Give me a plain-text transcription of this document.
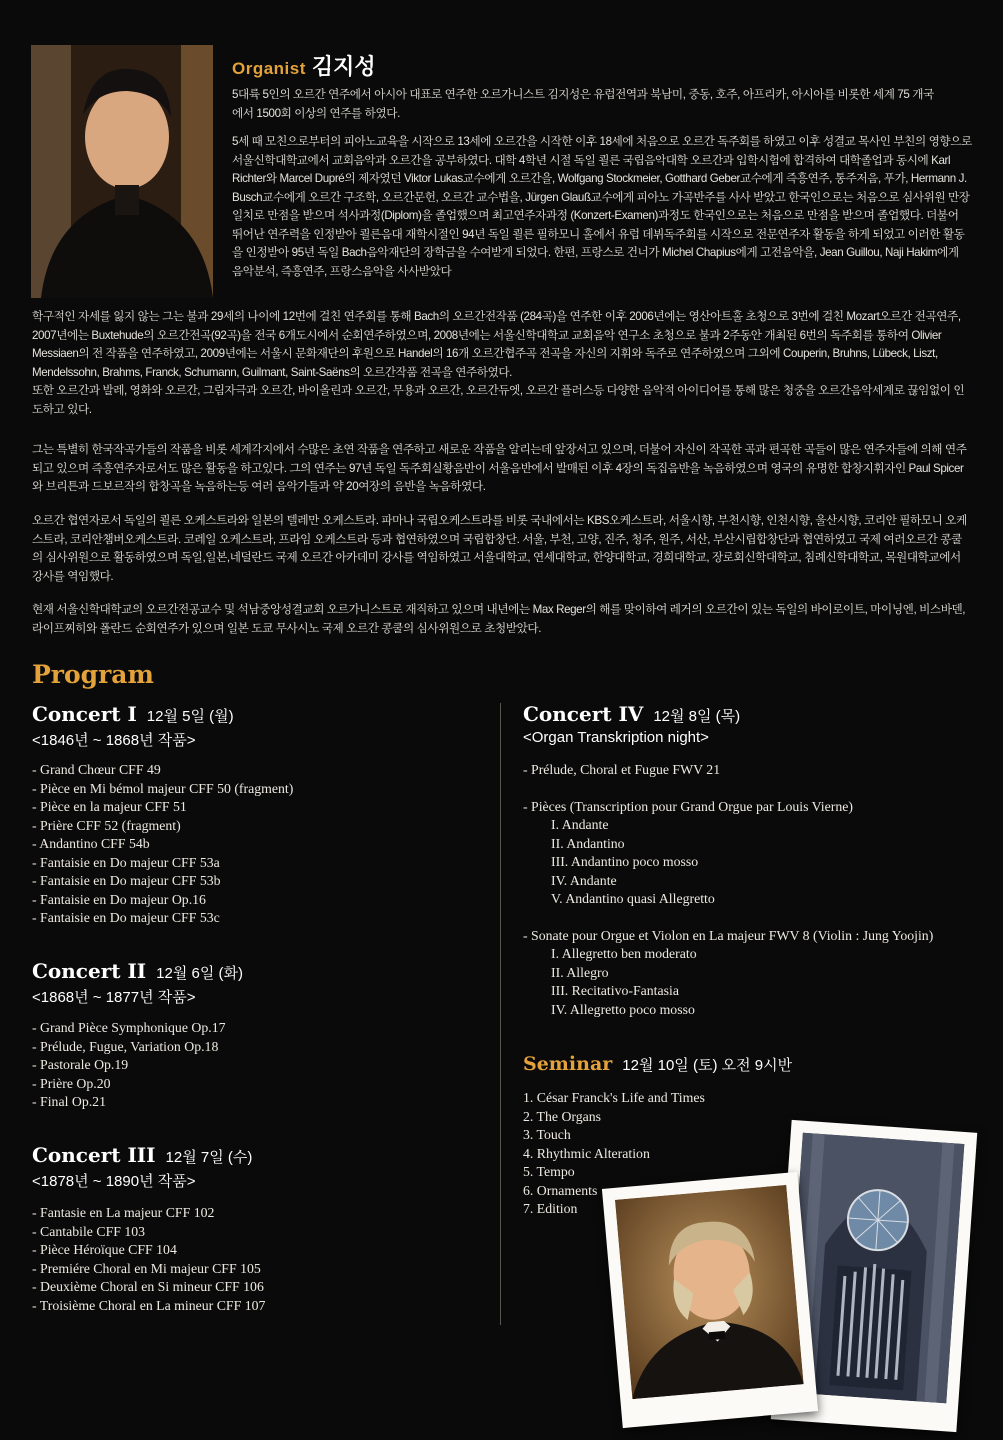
Organist 김지성

5대륙 5인의 오르간 연주에서 아시아 대표로 연주한 오르가니스트 김지성은 유럽전역과 북남미, 중동, 호주, 아프리카, 아시아를 비롯한 세계 75 개국에서 1500회 이상의 연주를 하였다.

5세 때 모친으로부터의 피아노교육을 시작으로 13세에 오르간을 시작한 이후 18세에 처음으로 오르간 독주회를 하였고 이후 성결교 목사인 부친의 영향으로 서울신학대학교에서 교회음악과 오르간을 공부하였다. 대학 4학년 시절 독일 쾰른 국립음악대학 오르간과 입학시험에 합격하여 대학졸업과 동시에 Karl Richter와 Marcel Dupré의 제자였던 Viktor Lukas교수에게 오르간을, Wolfgang Stockmeier, Gotthard Geber교수에게 즉흥연주, 통주저음, 푸가, Hermann J. Busch교수에게 오르간 구조학, 오르간문헌, 오르간 교수법을, Jürgen Glauß교수에게 피아노 가곡반주를 사사 받았고 한국인으로는 처음으로 심사위원 만장일치로 만점을 받으며 석사과정(Diplom)을 졸업했으며 최고연주자과정 (Konzert-Examen)과정도 한국인으로는 처음으로 만점을 받으며 졸업했다. 더불어 뛰어난 연주력을 인정받아 쾰른음대 재학시절인 94년 독일 쾰른 필하모니 홀에서 유럽 데뷔독주회를 시작으로 전문연주자 활동을 하게 되었고 이러한 활동을 인정받아 95년 독일 Bach음악재단의 장학금을 수여받게 되었다. 한편, 프랑스로 건너가 Michel Chapius에게 고전음악을, Jean Guillou, Naji Hakim에게 음악분석, 즉흥연주, 프랑스음악을 사사받았다

학구적인 자세를 잃지 않는 그는 불과 29세의 나이에 12번에 걸친 연주회를 통해 Bach의 오르간전작품 (284곡)을 연주한 이후 2006년에는 영산아트홀 초청으로 3번에 걸친 Mozart오르간 전곡연주, 2007년에는 Buxtehude의 오르간전곡(92곡)을 전국 6개도시에서 순회연주하였으며, 2008년에는 서울신학대학교 교회음악 연구소 초청으로 불과 2주동안 개최된 6번의 독주회를 통하여 Olivier Messiaen의 전 작품을 연주하였고, 2009년에는 서울시 문화재단의 후원으로 Handel의 16개 오르간협주곡 전곡을 자신의 지휘와 독주로 연주하였으며 그외에 Couperin, Bruhns, Lübeck, Liszt, Mendelssohn, Brahms, Franck, Schumann, Guilmant, Saint-Saëns의 오르간작품 전곡을 연주하였다.

또한 오르간과 발레, 영화와 오르간, 그림자극과 오르간, 바이올린과 오르간, 무용과 오르간, 오르간듀엣, 오르간 플러스등 다양한 음악적 아이디어를 통해 많은 청중을 오르간음악세계로 끊임없이 인도하고 있다.

그는 특별히 한국작곡가들의 작품을 비롯 세계각지에서 수많은 초연 작품을 연주하고 새로운 작품을 알리는데 앞장서고 있으며, 더불어 자신이 작곡한 곡과 편곡한 곡들이 많은 연주자들에 의해 연주되고 있으며 즉흥연주자로서도 많은 활동을 하고있다. 그의 연주는 97년 독일 독주회실황음반이 서울음반에서 발매된 이후 4장의 독집음반을 녹음하였으며 영국의 유명한 합창지휘자인 Paul Spicer와 브리튼과 드보르작의 합창곡을 녹음하는등 여러 음악가들과 약 20여장의 음반을 녹음하였다.

오르간 협연자로서 독일의 쾰른 오케스트라와 일본의 텔레만 오케스트라. 파마나 국립오케스트라를 비롯 국내에서는 KBS오케스트라, 서울시향, 부천시향, 인천시향, 울산시향, 코리안 필하모니 오케스트라, 코리안챔버오케스트라. 코레일 오케스트라, 프라임 오케스트라 등과 협연하였으며 국립합창단. 서울, 부천, 고양, 진주, 청주, 원주, 서산, 부산시립합창단과 협연하였고 국제 여러오르간 콩쿨의 심사위원으로 활동하였으며 독일,일본,네덜란드 국제 오르간 아카데미 강사를 역임하였고 서울대학교, 연세대학교, 한양대학교, 경희대학교, 장로회신학대학교, 침례신학대학교, 목원대학교에서 강사를 역임했다.

현재 서울신학대학교의 오르간전공교수 및 석남중앙성결교회 오르가니스트로 재직하고 있으며 내년에는 Max Reger의 해를 맞이하여 레거의 오르간이 있는 독일의 바이로이트, 마이닝엔, 비스바덴, 라이프찌히와 폴란드 순회연주가 있으며 일본 도쿄 무사시노 국제 오르간 콩쿨의 심사위원으로 초청받았다.

Program
Concert I 12월 5일 (월)
<1846년 ~ 1868년 작품>
- Grand Chœur CFF 49
- Pièce en Mi bémol majeur CFF 50 (fragment)
- Pièce en la majeur CFF 51
- Prière CFF 52 (fragment)
- Andantino CFF 54b
- Fantaisie en Do majeur CFF 53a
- Fantaisie en Do majeur CFF 53b
- Fantaisie en Do majeur Op.16
- Fantaisie en Do majeur CFF 53c
Concert II 12월 6일 (화)
<1868년 ~ 1877년 작품>
- Grand Pièce Symphonique Op.17
- Prélude, Fugue, Variation Op.18
- Pastorale Op.19
- Prière Op.20
- Final Op.21
Concert III 12월 7일 (수)
<1878년 ~ 1890년 작품>
- Fantasie en La majeur CFF 102
- Cantabile CFF 103
- Pièce Héroïque CFF 104
- Premiére Choral en Mi majeur CFF 105
- Deuxième Choral en Si mineur CFF 106
- Troisième Choral en La mineur CFF 107
Concert IV 12월 8일 (목)
<Organ Transkription night>
- Prélude, Choral et Fugue FWV 21
- Pièces (Transcription pour Grand Orgue par Louis Vierne)
I. Andante
II. Andantino
III. Andantino poco mosso
IV. Andante
V. Andantino quasi Allegretto
- Sonate pour Orgue et Violon en La majeur FWV 8 (Violin : Jung Yoojin)
I. Allegretto ben moderato
II. Allegro
III. Recitativo-Fantasia
IV. Allegretto poco mosso
Seminar 12월 10일 (토) 오전 9시반
1. César Franck's Life and Times
2. The Organs
3. Touch
4. Rhythmic Alteration
5. Tempo
6. Ornaments
7. Edition
